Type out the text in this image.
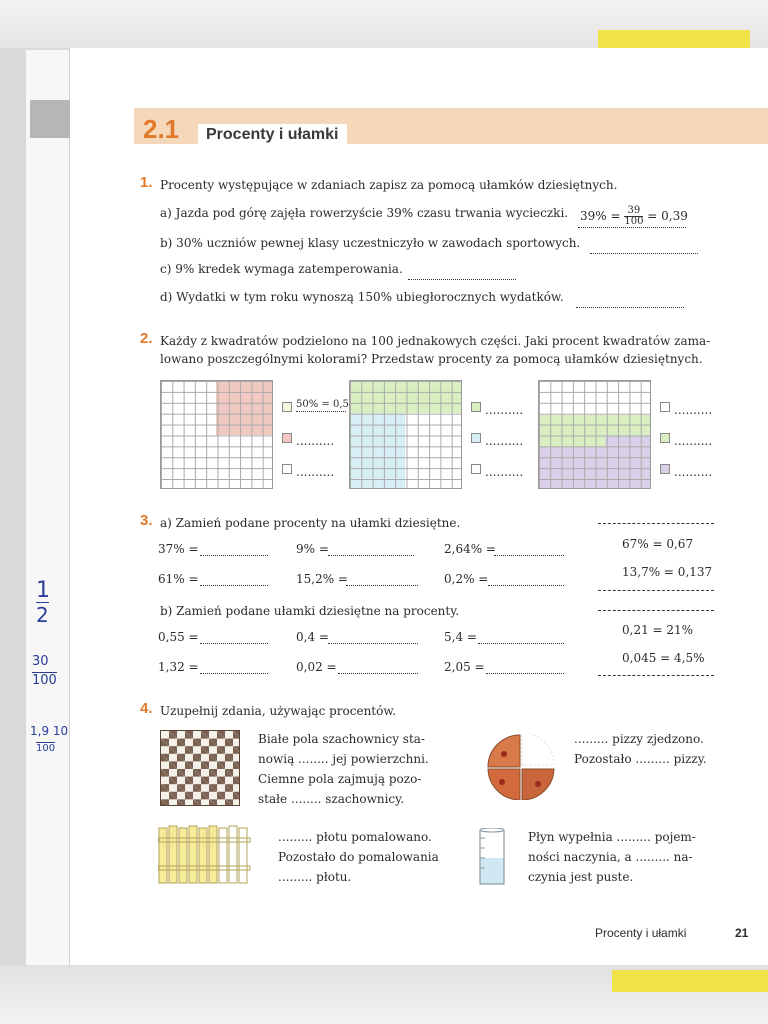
2.1	Procenty i ułamki
1. Procenty występujące w zdaniach zapisz za pomocą ułamków dziesiętnych.
a) Jazda pod górę zajęła rowerzyście 39% czasu trwania wycieczki. $39\% = \frac{39}{100} = 0,39$
b) 30% uczniów pewnej klasy uczestniczyło w zawodach sportowych.
c) 9% kredek wymaga zatemperowania.
d) Wydatki w tym roku wynoszą 150% ubiegłorocznych wydatków.
2. Każdy z kwadratów podzielono na 100 jednakowych części. Jaki procent kwadratów zama-
lowano poszczególnymi kolorami? Przedstaw procenty za pomocą ułamków dziesiętnych.
50% = 0,5
..........
..........
..........
..........
..........
..........
..........
..........
3. a) Zamień podane procenty na ułamki dziesiętne.
37% =	9% =	2,64% =
61% =	15,2% =	0,2% =
67% = 0,67
13,7% = 0,137
b) Zamień podane ułamki dziesiętne na procenty.
0,55 =	0,4 =	5,4 =
1,32 =	0,02 =	2,05 =
0,21 = 21%
0,045 = 4,5%
4. Uzupełnij zdania, używając procentów.
Białe pola szachownicy sta-
nowią ........ jej powierzchni.
Ciemne pola zajmują pozo-
stałe ........ szachownicy.
......... pizzy zjedzono.
Pozostało ......... pizzy.
......... płotu pomalowano.
Pozostało do pomalowania
......... płotu.
Płyn wypełnia ......... pojem-
ności naczynia, a ......... na-
czynia jest puste.
1
2
30
100
1,9 10
100
Procenty i ułamki	21
